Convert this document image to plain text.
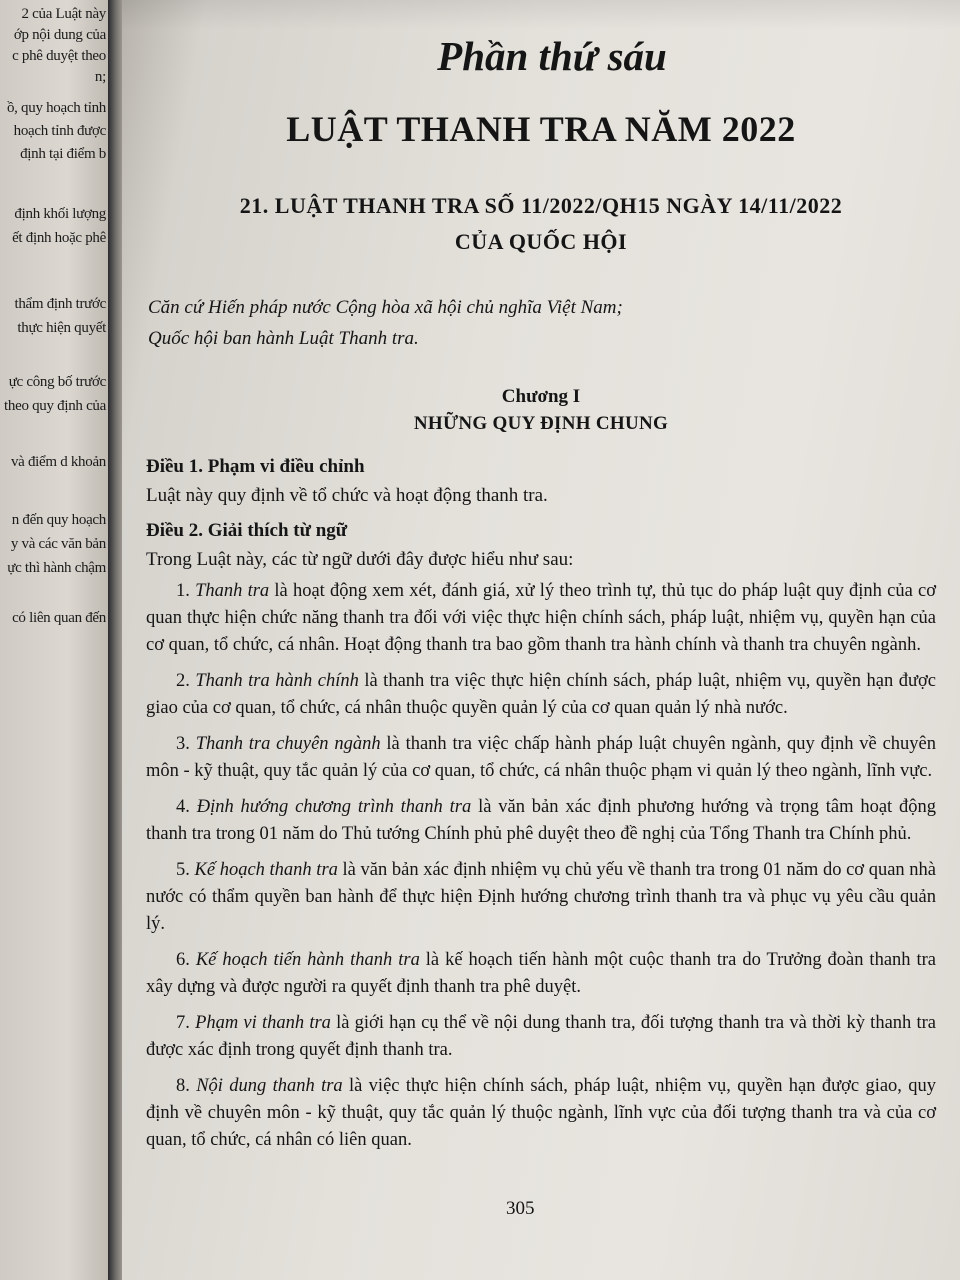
2 của Luật này
ớp nội dung của
c phê duyệt theo
n;
ồ, quy hoạch tỉnh
hoạch tỉnh được
định tại điểm b
định khối lượng
ết định hoặc phê
thẩm định trước
thực hiện quyết
ực công bố trước
theo quy định của
và điểm d khoản
n đến quy hoạch
y và các văn bản
ực thì hành chậm
có liên quan đến
Phần thứ sáu
LUẬT THANH TRA NĂM 2022
21. LUẬT THANH TRA SỐ 11/2022/QH15 NGÀY 14/11/2022
CỦA QUỐC HỘI
Căn cứ Hiến pháp nước Cộng hòa xã hội chủ nghĩa Việt Nam;
Quốc hội ban hành Luật Thanh tra.
Chương I
NHỮNG QUY ĐỊNH CHUNG
Điều 1. Phạm vi điều chỉnh
Luật này quy định về tổ chức và hoạt động thanh tra.
Điều 2. Giải thích từ ngữ
Trong Luật này, các từ ngữ dưới đây được hiểu như sau:
1. Thanh tra là hoạt động xem xét, đánh giá, xử lý theo trình tự, thủ tục do pháp luật quy định của cơ quan thực hiện chức năng thanh tra đối với việc thực hiện chính sách, pháp luật, nhiệm vụ, quyền hạn của cơ quan, tổ chức, cá nhân. Hoạt động thanh tra bao gồm thanh tra hành chính và thanh tra chuyên ngành.
2. Thanh tra hành chính là thanh tra việc thực hiện chính sách, pháp luật, nhiệm vụ, quyền hạn được giao của cơ quan, tổ chức, cá nhân thuộc quyền quản lý của cơ quan quản lý nhà nước.
3. Thanh tra chuyên ngành là thanh tra việc chấp hành pháp luật chuyên ngành, quy định về chuyên môn - kỹ thuật, quy tắc quản lý của cơ quan, tổ chức, cá nhân thuộc phạm vi quản lý theo ngành, lĩnh vực.
4. Định hướng chương trình thanh tra là văn bản xác định phương hướng và trọng tâm hoạt động thanh tra trong 01 năm do Thủ tướng Chính phủ phê duyệt theo đề nghị của Tổng Thanh tra Chính phủ.
5. Kế hoạch thanh tra là văn bản xác định nhiệm vụ chủ yếu về thanh tra trong 01 năm do cơ quan nhà nước có thẩm quyền ban hành để thực hiện Định hướng chương trình thanh tra và phục vụ yêu cầu quản lý.
6. Kế hoạch tiến hành thanh tra là kế hoạch tiến hành một cuộc thanh tra do Trưởng đoàn thanh tra xây dựng và được người ra quyết định thanh tra phê duyệt.
7. Phạm vi thanh tra là giới hạn cụ thể về nội dung thanh tra, đối tượng thanh tra và thời kỳ thanh tra được xác định trong quyết định thanh tra.
8. Nội dung thanh tra là việc thực hiện chính sách, pháp luật, nhiệm vụ, quyền hạn được giao, quy định về chuyên môn - kỹ thuật, quy tắc quản lý thuộc ngành, lĩnh vực của đối tượng thanh tra và của cơ quan, tổ chức, cá nhân có liên quan.
305
